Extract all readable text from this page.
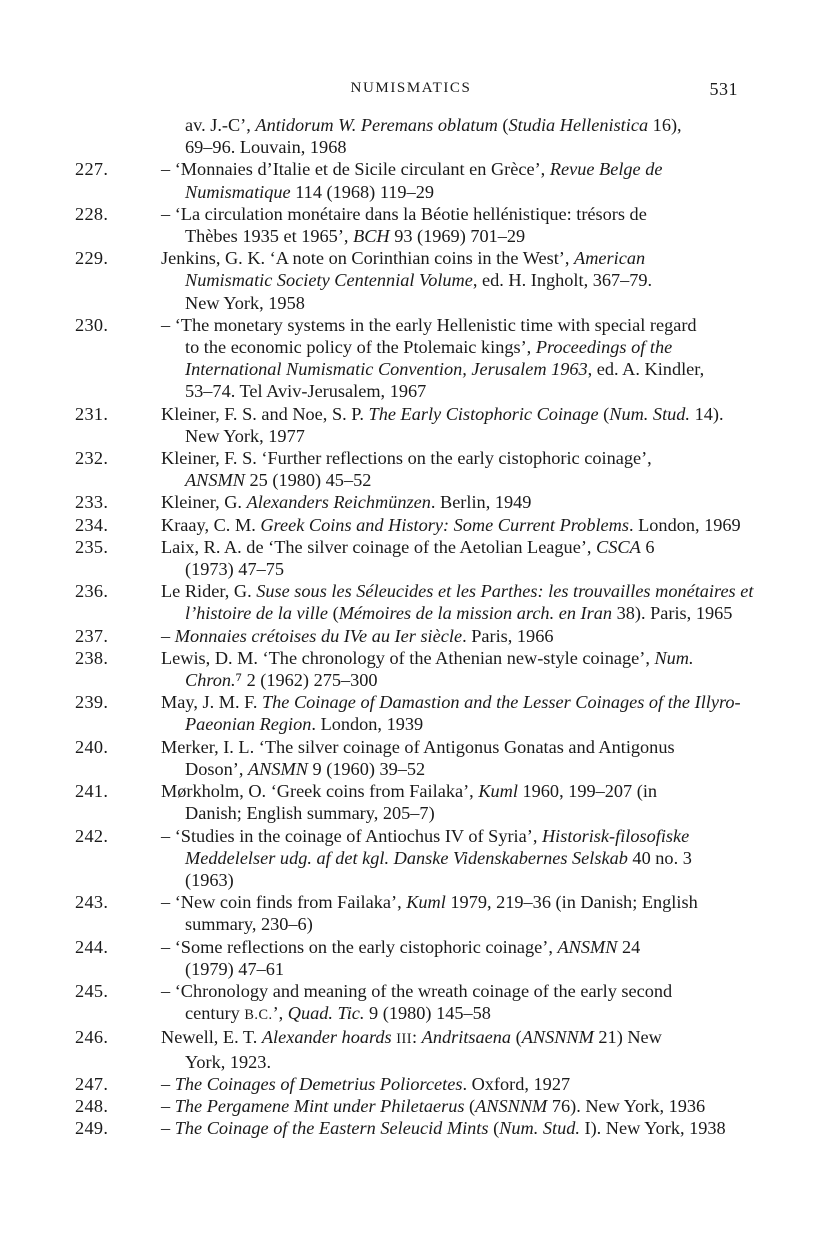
NUMISMATICS	531
av. J.-C’, Antidorum W. Peremans oblatum (Studia Hellenistica 16),
69–96. Louvain, 1968
227.	– ‘Monnaies d’Italie et de Sicile circulant en Grèce’, Revue Belge de
Numismatique 114 (1968) 119–29
228.	– ‘La circulation monétaire dans la Béotie hellénistique: trésors de
Thèbes 1935 et 1965’, BCH 93 (1969) 701–29
229.	Jenkins, G. K. ‘A note on Corinthian coins in the West’, American
Numismatic Society Centennial Volume, ed. H. Ingholt, 367–79.
New York, 1958
230.	– ‘The monetary systems in the early Hellenistic time with special regard
to the economic policy of the Ptolemaic kings’, Proceedings of the
International Numismatic Convention, Jerusalem 1963, ed. A. Kindler,
53–74. Tel Aviv-Jerusalem, 1967
231.	Kleiner, F. S. and Noe, S. P. The Early Cistophoric Coinage (Num. Stud. 14).
New York, 1977
232.	Kleiner, F. S. ‘Further reflections on the early cistophoric coinage’,
ANSMN 25 (1980) 45–52
233.	Kleiner, G. Alexanders Reichmünzen. Berlin, 1949
234.	Kraay, C. M. Greek Coins and History: Some Current Problems. London, 1969
235.	Laix, R. A. de ‘The silver coinage of the Aetolian League’, CSCA 6
(1973) 47–75
236.	Le Rider, G. Suse sous les Séleucides et les Parthes: les trouvailles monétaires et
l’histoire de la ville (Mémoires de la mission arch. en Iran 38). Paris, 1965
237.	– Monnaies crétoises du IVe au Ier siècle. Paris, 1966
238.	Lewis, D. M. ‘The chronology of the Athenian new-style coinage’, Num.
Chron.⁷ 2 (1962) 275–300
239.	May, J. M. F. The Coinage of Damastion and the Lesser Coinages of the Illyro-
Paeonian Region. London, 1939
240.	Merker, I. L. ‘The silver coinage of Antigonus Gonatas and Antigonus
Doson’, ANSMN 9 (1960) 39–52
241.	Mørkholm, O. ‘Greek coins from Failaka’, Kuml 1960, 199–207 (in
Danish; English summary, 205–7)
242.	– ‘Studies in the coinage of Antiochus IV of Syria’, Historisk-filosofiske
Meddelelser udg. af det kgl. Danske Videnskabernes Selskab 40 no. 3
(1963)
243.	– ‘New coin finds from Failaka’, Kuml 1979, 219–36 (in Danish; English
summary, 230–6)
244.	– ‘Some reflections on the early cistophoric coinage’, ANSMN 24
(1979) 47–61
245.	– ‘Chronology and meaning of the wreath coinage of the early second
century B.C.’, Quad. Tic. 9 (1980) 145–58
246.	Newell, E. T. Alexander hoards III: Andritsaena (ANSNNM 21) New
York, 1923.
247.	– The Coinages of Demetrius Poliorcetes. Oxford, 1927
248.	– The Pergamene Mint under Philetaerus (ANSNNM 76). New York, 1936
249.	– The Coinage of the Eastern Seleucid Mints (Num. Stud. I). New York, 1938
